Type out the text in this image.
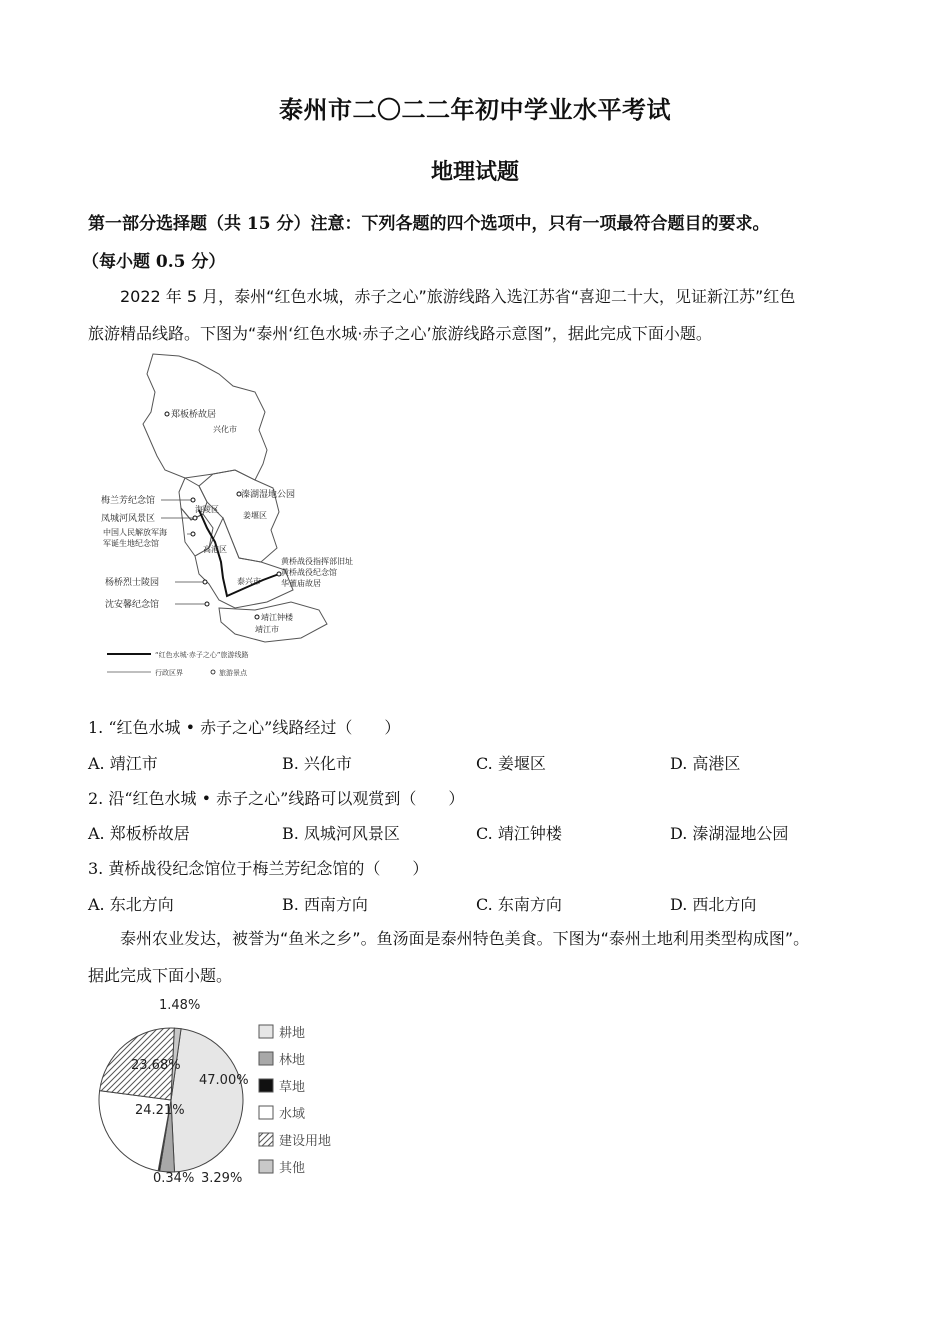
泰州市二〇二二年初中学业水平考试
地理试题
第一部分选择题（共 15 分）注意：下列各题的四个选项中，只有一项最符合题目的要求。
（每小题 0.5 分）
2022 年 5 月，泰州“红色水城，赤子之心”旅游线路入选江苏省“喜迎二十大，见证新江苏”红色
旅游精品线路。下图为“泰州‘红色水城·赤子之心’旅游线路示意图”，据此完成下面小题。
郑板桥故居
兴化市
溱湖湿地公园
梅兰芳纪念馆
凤城河风景区
中国人民解放军海
军诞生地纪念馆
海陵区
姜堰区
高港区
杨桥烈士陵园	泰兴市
黄桥战役指挥部旧址
黄桥战役纪念馆
华董庙故居
沈安馨纪念馆
靖江钟楼
靖江市
“红色水城·赤子之心”旅游线路
行政区界	旅游景点
1. “红色水城 • 赤子之心”线路经过（　　）
A. 靖江市	B. 兴化市	C. 姜堰区	D. 高港区
2. 沿“红色水城 • 赤子之心”线路可以观赏到（　　）
A. 郑板桥故居	B. 凤城河风景区	C. 靖江钟楼	D. 溱湖湿地公园
3. 黄桥战役纪念馆位于梅兰芳纪念馆的（　　）
A. 东北方向	B. 西南方向	C. 东南方向	D. 西北方向
泰州农业发达，被誉为“鱼米之乡”。鱼汤面是泰州特色美食。下图为“泰州土地利用类型构成图”。
据此完成下面小题。
47.00%
3.29%
0.34%
24.21%
23.68%
1.48%
耕地
林地
草地
水域
建设用地
其他
